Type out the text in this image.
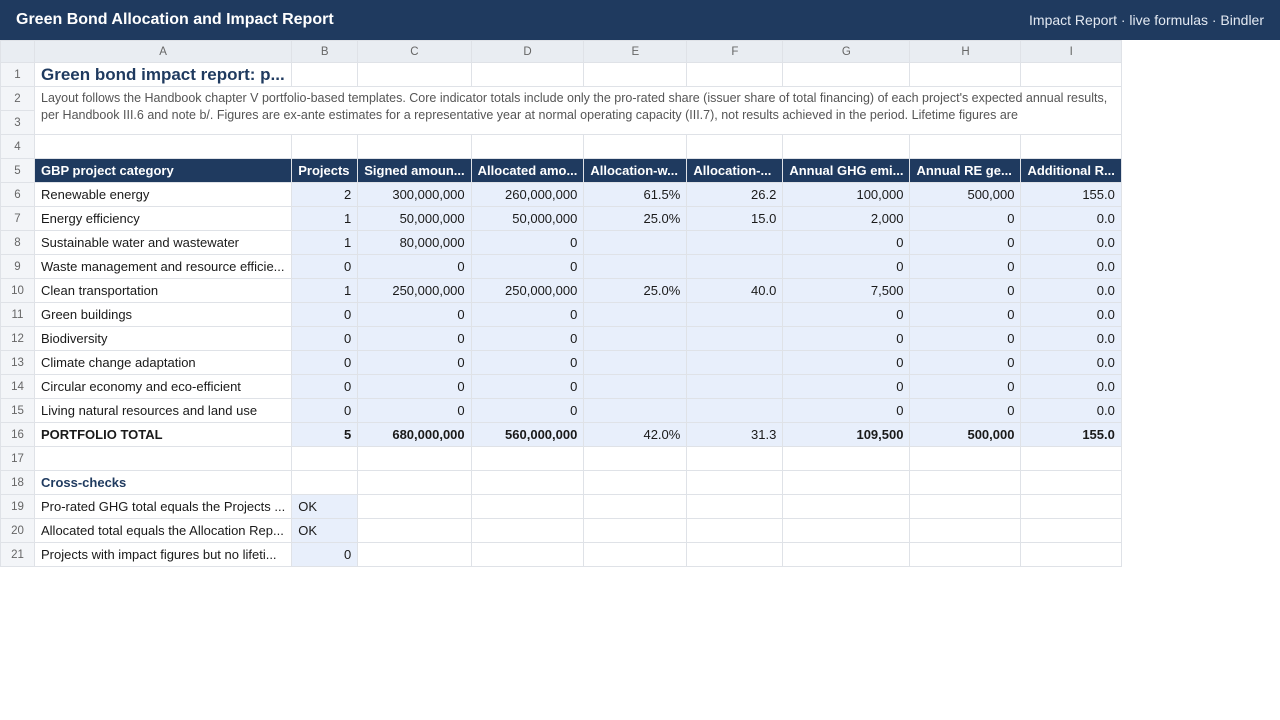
Green Bond Allocation and Impact Report	Impact Report · live formulas · Bindler
	A	B	C	D	E	F	G	H	I
1	Green bond impact report: p...								
2	Layout follows the Handbook chapter V portfolio-based templates. Core indicator totals include only the pro-rated share (issuer share of total financing) of each project's expected annual results, per Handbook III.6 and note b/. Figures are ex-ante estimates for a representative year at normal operating capacity (III.7), not results achieved in the period. Lifetime figures are								
3									
4									
5	GBP project category	Projects	Signed amoun...	Allocated amo...	Allocation-w...	Allocation-...	Annual GHG emi...	Annual RE ge...	Additional R...
6	Renewable energy	2	300,000,000	260,000,000	61.5%	26.2	100,000	500,000	155.0
7	Energy efficiency	1	50,000,000	50,000,000	25.0%	15.0	2,000	0	0.0
8	Sustainable water and wastewater	1	80,000,000	0			0	0	0.0
9	Waste management and resource efficie...	0	0	0			0	0	0.0
10	Clean transportation	1	250,000,000	250,000,000	25.0%	40.0	7,500	0	0.0
11	Green buildings	0	0	0			0	0	0.0
12	Biodiversity	0	0	0			0	0	0.0
13	Climate change adaptation	0	0	0			0	0	0.0
14	Circular economy and eco-efficient	0	0	0			0	0	0.0
15	Living natural resources and land use	0	0	0			0	0	0.0
16	PORTFOLIO TOTAL	5	680,000,000	560,000,000	42.0%	31.3	109,500	500,000	155.0
17									
18	Cross-checks								
19	Pro-rated GHG total equals the Projects ...	OK							
20	Allocated total equals the Allocation Rep...	OK							
21	Projects with impact figures but no lifeti...	0							
